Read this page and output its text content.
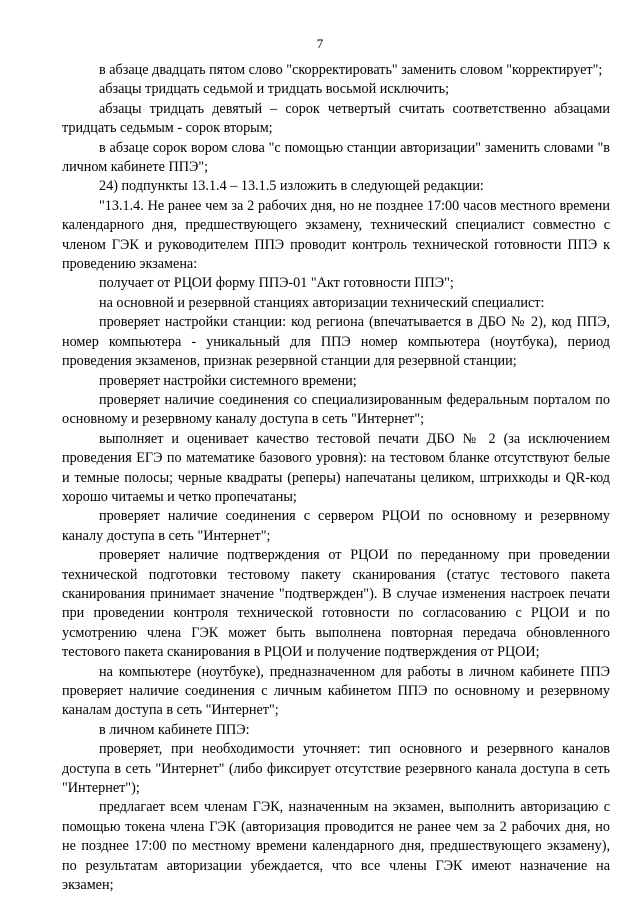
7

в абзаце двадцать пятом слово "скорректировать" заменить словом "корректирует";

абзацы тридцать седьмой и тридцать восьмой исключить;

абзацы тридцать девятый – сорок четвертый считать соответственно абзацами тридцать седьмым - сорок вторым;

в абзаце сорок вором слова "с помощью станции авторизации" заменить словами "в личном кабинете ППЭ";

24) подпункты 13.1.4 – 13.1.5 изложить в следующей редакции:

"13.1.4. Не ранее чем за 2 рабочих дня, но не позднее 17:00 часов местного времени календарного дня, предшествующего экзамену, технический специалист совместно с членом ГЭК и руководителем ППЭ проводит контроль технической готовности ППЭ к проведению экзамена:

получает от РЦОИ форму ППЭ-01 "Акт готовности ППЭ";

на основной и резервной станциях авторизации технический специалист:

проверяет настройки станции: код региона (впечатывается в ДБО № 2), код ППЭ, номер компьютера - уникальный для ППЭ номер компьютера (ноутбука), период проведения экзаменов, признак резервной станции для резервной станции;

проверяет настройки системного времени;

проверяет наличие соединения со специализированным федеральным порталом по основному и резервному каналу доступа в сеть "Интернет";

выполняет и оценивает качество тестовой печати ДБО № 2 (за исключением проведения ЕГЭ по математике базового уровня): на тестовом бланке отсутствуют белые и темные полосы; черные квадраты (реперы) напечатаны целиком, штрихкоды и QR-код хорошо читаемы и четко пропечатаны;

проверяет наличие соединения с сервером РЦОИ по основному и резервному каналу доступа в сеть "Интернет";

проверяет наличие подтверждения от РЦОИ по переданному при проведении технической подготовки тестовому пакету сканирования (статус тестового пакета сканирования принимает значение "подтвержден"). В случае изменения настроек печати при проведении контроля технической готовности по согласованию с РЦОИ и по усмотрению члена ГЭК может быть выполнена повторная передача обновленного тестового пакета сканирования в РЦОИ и получение подтверждения от РЦОИ;

на компьютере (ноутбуке), предназначенном для работы в личном кабинете ППЭ проверяет наличие соединения с личным кабинетом ППЭ по основному и резервному каналам доступа в сеть "Интернет";

в личном кабинете ППЭ:

проверяет, при необходимости уточняет: тип основного и резервного каналов доступа в сеть "Интернет" (либо фиксирует отсутствие резервного канала доступа в сеть "Интернет");

предлагает всем членам ГЭК, назначенным на экзамен, выполнить авторизацию с помощью токена члена ГЭК (авторизация проводится не ранее чем за 2 рабочих дня, но не позднее 17:00 по местному времени календарного дня, предшествующего экзамену), по результатам авторизации убеждается, что все члены ГЭК имеют назначение на экзамен;
